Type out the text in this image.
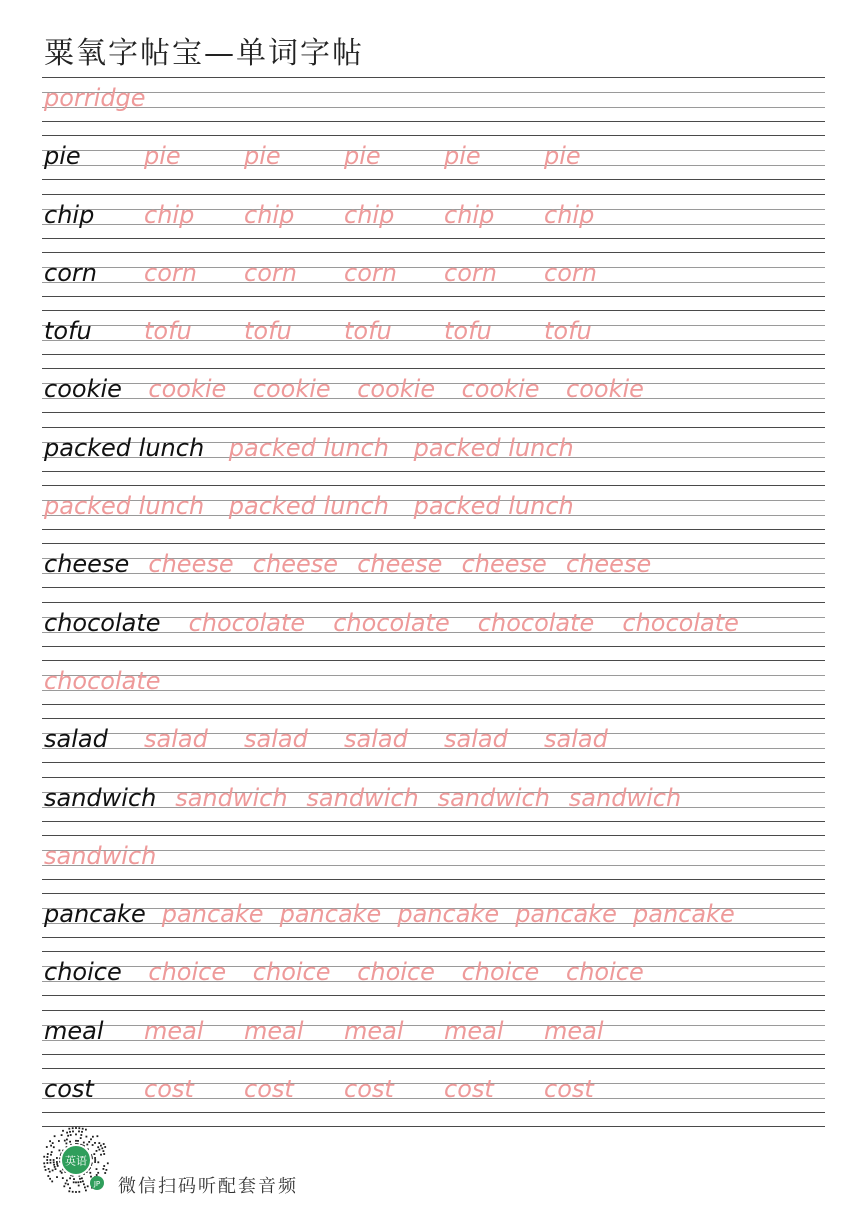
粟氧字帖宝—单词字帖
porridge
pie	pie	pie	pie	pie	pie
chip chip chip chip chip chip
corn corn corn corn corn corn
tofu tofu tofu tofu tofu tofu
cookie cookie cookie cookie cookie cookie
packed lunch packed lunch packed lunch
packed lunch packed lunch packed lunch
cheese cheese cheese cheese cheese cheese
chocolate chocolate chocolate chocolate chocolate
chocolate
salad salad salad salad salad salad
sandwich sandwich sandwich sandwich sandwich
sandwich
pancake pancake pancake pancake pancake pancake
choice choice choice choice choice choice
meal meal meal meal meal meal
cost cost cost cost cost cost
英语
JP 微信扫码听配套音频
